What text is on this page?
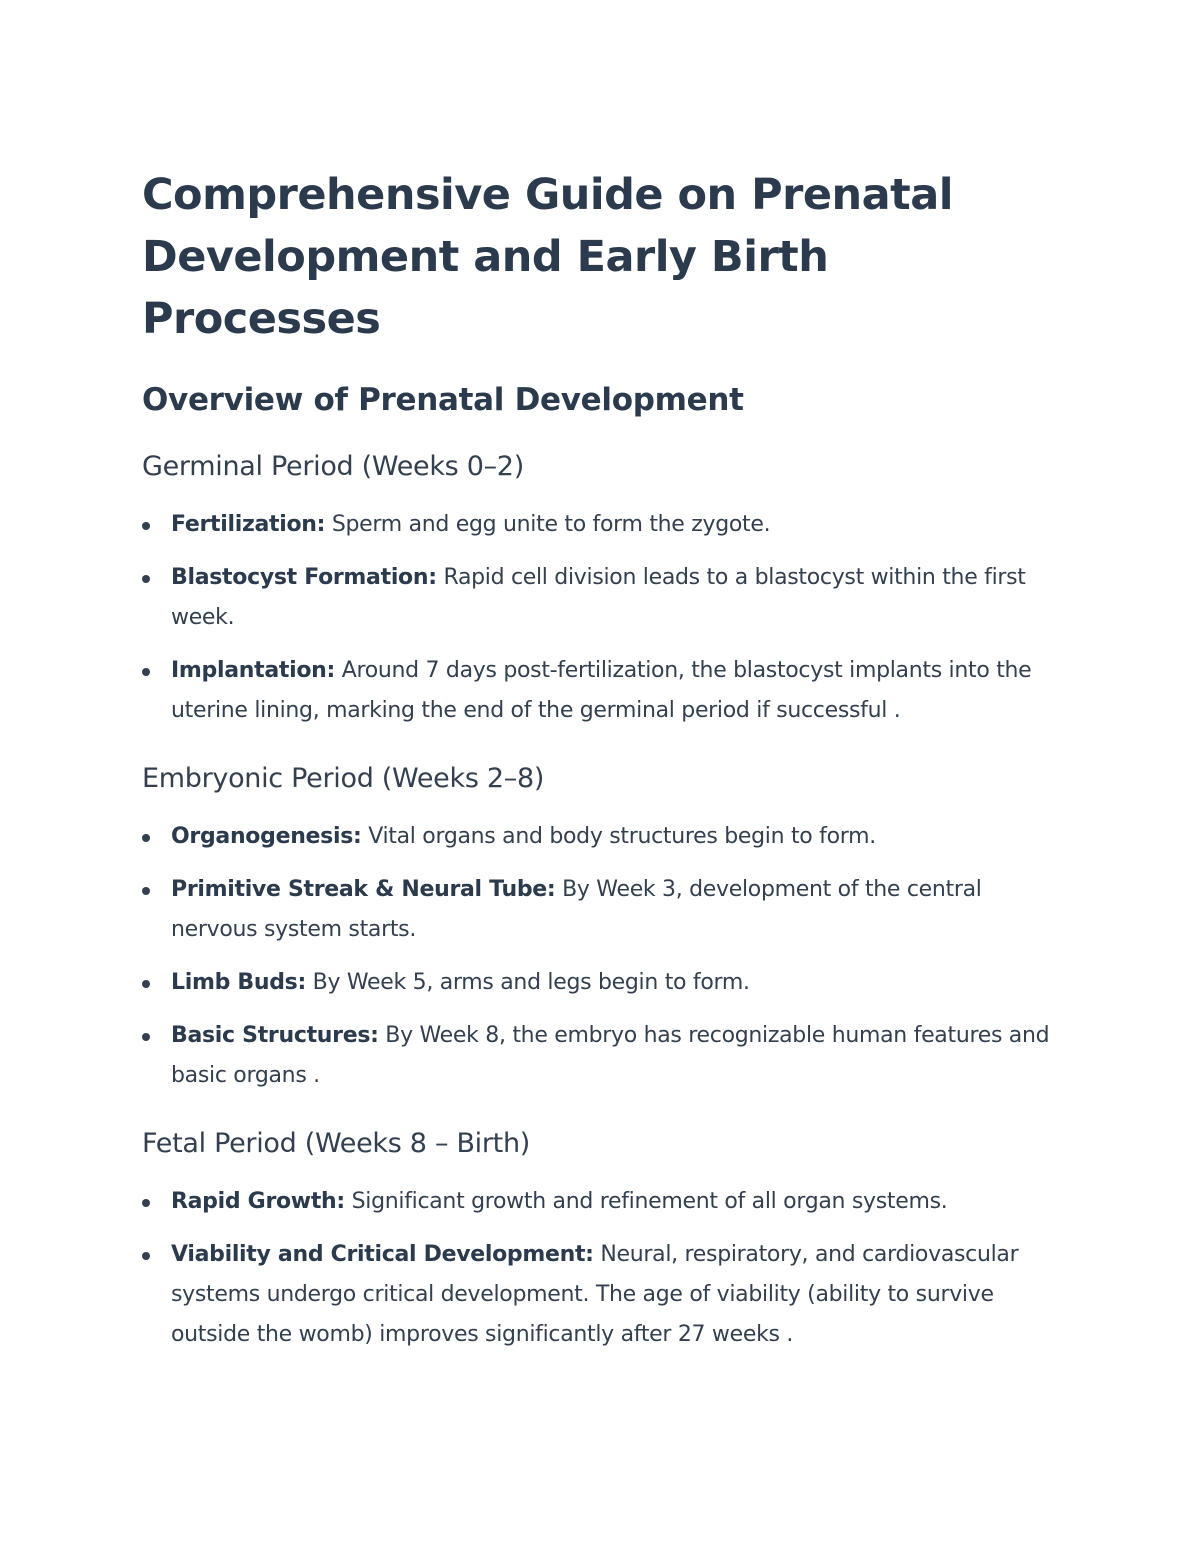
Comprehensive Guide on Prenatal Development and Early Birth Processes
Overview of Prenatal Development
Germinal Period (Weeks 0–2)
Fertilization: Sperm and egg unite to form the zygote.
Blastocyst Formation: Rapid cell division leads to a blastocyst within the first week.
Implantation: Around 7 days post-fertilization, the blastocyst implants into the uterine lining, marking the end of the germinal period if successful .
Embryonic Period (Weeks 2–8)
Organogenesis: Vital organs and body structures begin to form.
Primitive Streak & Neural Tube: By Week 3, development of the central nervous system starts.
Limb Buds: By Week 5, arms and legs begin to form.
Basic Structures: By Week 8, the embryo has recognizable human features and basic organs .
Fetal Period (Weeks 8 – Birth)
Rapid Growth: Significant growth and refinement of all organ systems.
Viability and Critical Development: Neural, respiratory, and cardiovascular systems undergo critical development. The age of viability (ability to survive outside the womb) improves significantly after 27 weeks .
